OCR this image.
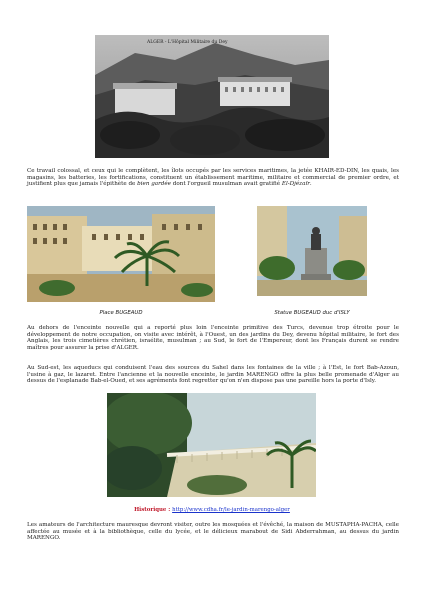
ALGER - L'Hôpital Militaire du Dey

Ce travail colossal, et ceux qui le complètent, les îlots occupés par les services maritimes, la jetée KHAIR-ED-DIN, les quais, les magasins, les batteries, les fortifications, constituent un établissement maritime, militaire et commercial de premier ordre, et justifient plus que jamais l'épithète de bien gardée dont l'orgueil musulman avait gratifié El-Djézaïr.

Place BUGEAUD	Statue BUGEAUD duc d'ISLY

Au dehors de l'enceinte nouvelle qui a reporté plus loin l'enceinte primitive des Turcs, devenue trop étroite pour le développement de notre occupation, on visite avec intérêt, à l'Ouest, un des jardins du Dey, devenu hôpital militaire, le fort des Anglais, les trois cimetières chrétien, israélite, musulman ; au Sud, le fort de l'Empereur, dont les Français durent se rendre maîtres pour assurer la prise d'ALGER.

Au Sud-est, les aqueducs qui conduisent l'eau des sources du Sahel dans les fontaines de la ville ; à l'Est, le fort Bab-Azoun, l'usine à gaz, le lazaret. Entre l'ancienne et la nouvelle enceinte, le jardin MARENGO offre la plus belle promenade d'Alger au dessus de l'esplanade Bab-el-Oued, et ses agréments font regretter qu'on n'en dispose pas une pareille hors la porte d'Isly.

Historique : http://www.cdha.fr/le-jardin-marengo-alger

Les amateurs de l'architecture mauresque devront visiter, outre les mosquées et l'évêché, la maison de MUSTAPHA-PACHA, celle affectée au musée et à la bibliothèque, celle du lycée, et le délicieux marabout de Sidi Abderrahman, au dessus du jardin MARENGO.
